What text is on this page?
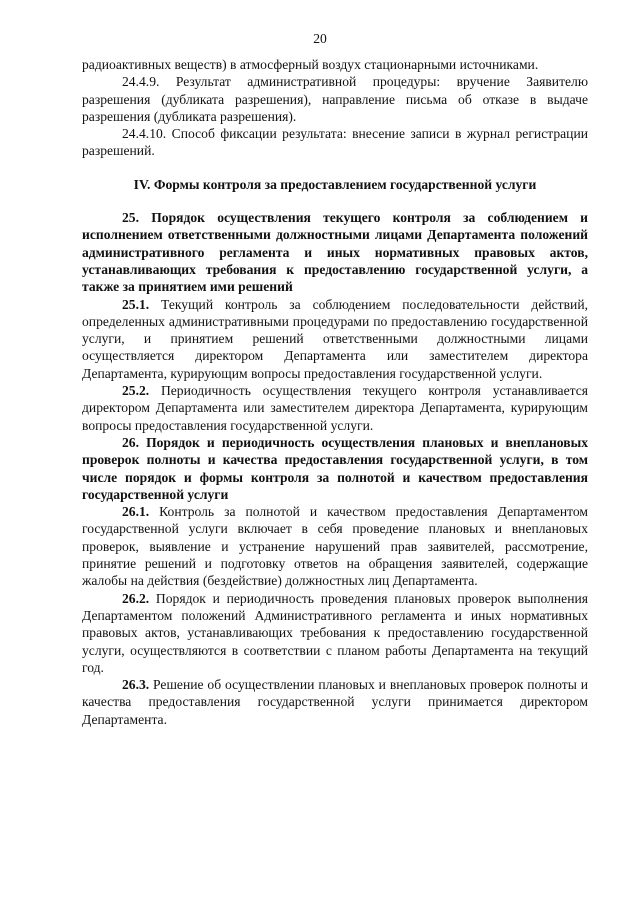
20

радиоактивных веществ) в атмосферный воздух стационарными источниками.

24.4.9. Результат административной процедуры: вручение Заявителю разрешения (дубликата разрешения), направление письма об отказе в выдаче разрешения (дубликата разрешения).

24.4.10. Способ фиксации результата: внесение записи в журнал регистрации разрешений.

IV. Формы контроля за предоставлением государственной услуги

25. Порядок осуществления текущего контроля за соблюдением и исполнением ответственными должностными лицами Департамента положений административного регламента и иных нормативных правовых актов, устанавливающих требования к предоставлению государственной услуги, а также за принятием ими решений

25.1. Текущий контроль за соблюдением последовательности действий, определенных административными процедурами по предоставлению государственной услуги, и принятием решений ответственными должностными лицами осуществляется директором Департамента или заместителем директора Департамента, курирующим вопросы предоставления государственной услуги.

25.2. Периодичность осуществления текущего контроля устанавливается директором Департамента или заместителем директора Департамента, курирующим вопросы предоставления государственной услуги.

26. Порядок и периодичность осуществления плановых и внеплановых проверок полноты и качества предоставления государственной услуги, в том числе порядок и формы контроля за полнотой и качеством предоставления государственной услуги

26.1. Контроль за полнотой и качеством предоставления Департаментом государственной услуги включает в себя проведение плановых и внеплановых проверок, выявление и устранение нарушений прав заявителей, рассмотрение, принятие решений и подготовку ответов на обращения заявителей, содержащие жалобы на действия (бездействие) должностных лиц Департамента.

26.2. Порядок и периодичность проведения плановых проверок выполнения Департаментом положений Административного регламента и иных нормативных правовых актов, устанавливающих требования к предоставлению государственной услуги, осуществляются в соответствии с планом работы Департамента на текущий год.

26.3. Решение об осуществлении плановых и внеплановых проверок полноты и качества предоставления государственной услуги принимается директором Департамента.
